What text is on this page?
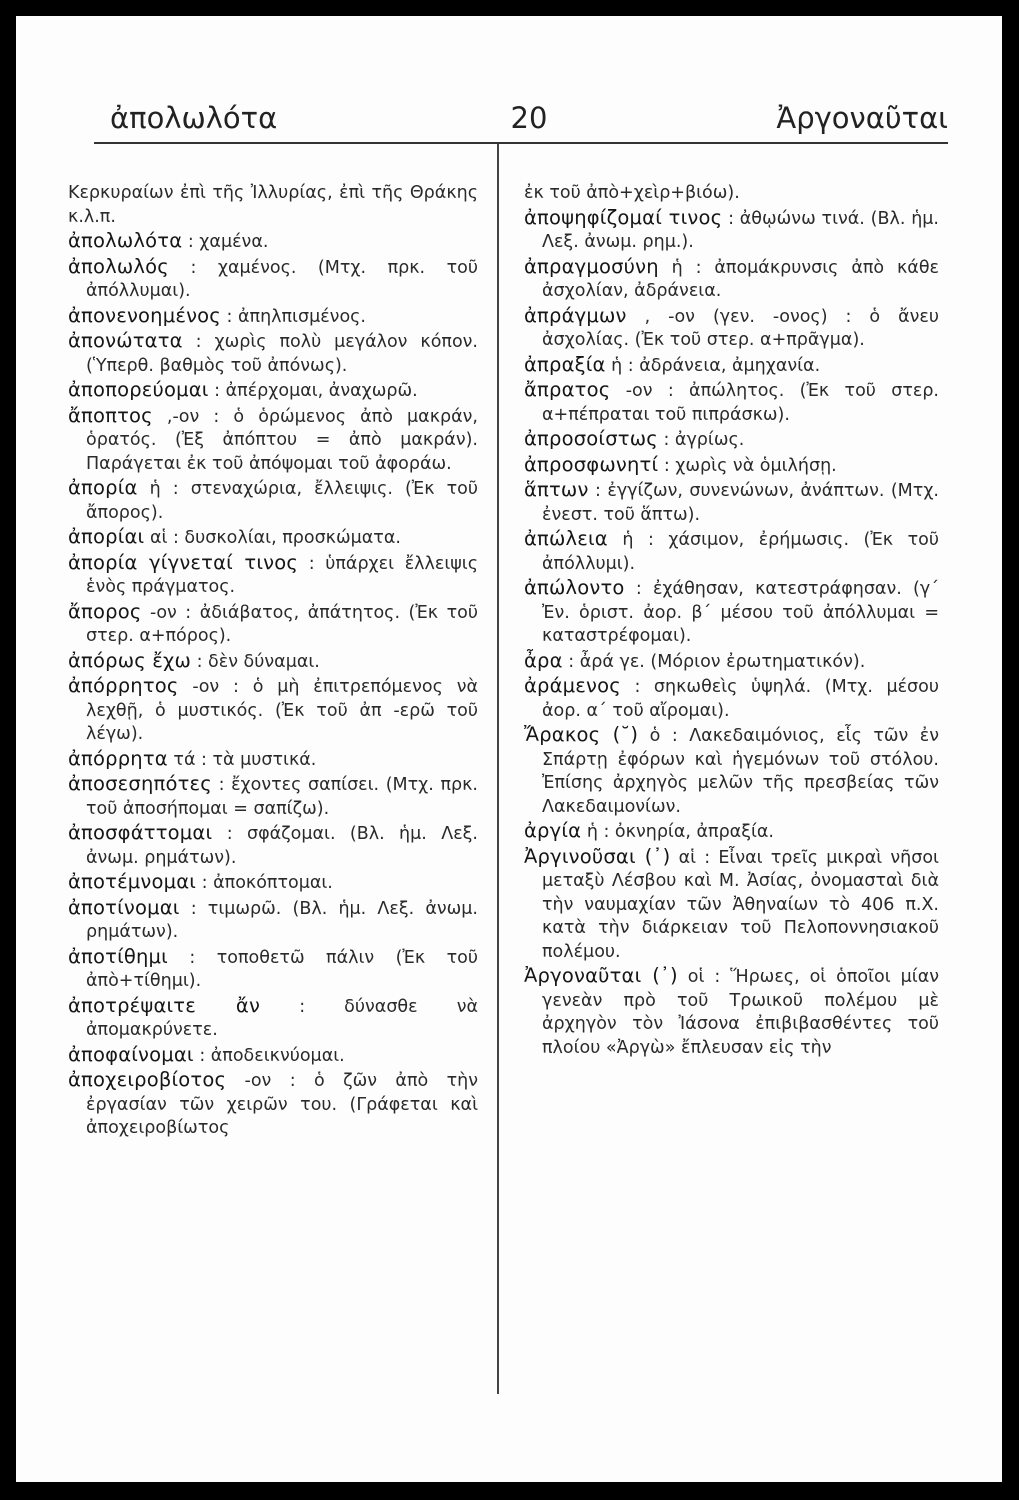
ἀπολωλότα	20	Ἀργοναῦται

Κερκυραίων ἐπὶ τῆς Ἰλλυρίας, ἐπὶ τῆς Θράκης κ.λ.π.

ἀπολωλότα : χαμένα.

ἀπολωλός : χαμένος. (Μτχ. πρκ. τοῦ ἀπόλλυμαι).

ἀπονενοημένος : ἀπηλπισμένος.

ἀπονώτατα : χωρὶς πολὺ μεγάλον κόπον. (Ὑπερθ. βαθμὸς τοῦ ἀπόνως).

ἀποπορεύομαι : ἀπέρχομαι, ἀναχωρῶ.

ἄποπτος ,-ον : ὁ ὁρώμενος ἀπὸ μακράν, ὁρατός. (Ἐξ ἀπόπτου = ἀπὸ μακράν). Παράγεται ἐκ τοῦ ἀπόψομαι τοῦ ἀφοράω.

ἀπορία ἡ : στεναχώρια, ἔλλειψις. (Ἐκ τοῦ ἄπορος).

ἀπορίαι αἱ : δυσκολίαι, προσκώματα.

ἀπορία γίγνεταί τινος : ὑπάρχει ἔλλειψις ἑνὸς πράγματος.

ἄπορος -ον : ἀδιάβατος, ἀπάτητος. (Ἐκ τοῦ στερ. α+πόρος).

ἀπόρως ἔχω : δὲν δύναμαι.

ἀπόρρητος -ον : ὁ μὴ ἐπιτρεπόμενος νὰ λεχθῇ, ὁ μυστικός. (Ἐκ τοῦ ἀπ -ερῶ τοῦ λέγω).

ἀπόρρητα τά : τὰ μυστικά.

ἀποσεσηπότες : ἔχοντες σαπίσει. (Μτχ. πρκ. τοῦ ἀποσήπομαι = σαπίζω).

ἀποσφάττομαι : σφάζομαι. (Βλ. ἡμ. Λεξ. ἀνωμ. ρημάτων).

ἀποτέμνομαι : ἀποκόπτομαι.

ἀποτίνομαι : τιμωρῶ. (Βλ. ἡμ. Λεξ. ἀνωμ. ρημάτων).

ἀποτίθημι : τοποθετῶ πάλιν (Ἐκ τοῦ ἀπὸ+τίθημι).

ἀποτρέψαιτε ἄν : δύνασθε νὰ ἀπομακρύνετε.

ἀποφαίνομαι : ἀποδεικνύομαι.

ἀποχειροβίοτος -ον : ὁ ζῶν ἀπὸ τὴν ἐργασίαν τῶν χειρῶν του. (Γράφεται καὶ ἀποχειροβίωτος

ἐκ τοῦ ἀπὸ+χεὶρ+βιόω).

ἀποψηφίζομαί τινος : ἀθῳώνω τινά. (Βλ. ἡμ. Λεξ. ἀνωμ. ρημ.).

ἀπραγμοσύνη ἡ : ἀπομάκρυνσις ἀπὸ κάθε ἀσχολίαν, ἀδράνεια.

ἀπράγμων , -ον (γεν. -ονος) : ὁ ἄνευ ἀσχολίας. (Ἐκ τοῦ στερ. α+πρᾶγμα).

ἀπραξία ἡ : ἀδράνεια, ἀμηχανία.

ἄπρατος -ον : ἀπώλητος. (Ἐκ τοῦ στερ. α+πέπραται τοῦ πιπράσκω).

ἀπροσοίστως : ἀγρίως.

ἀπροσφωνητί : χωρὶς νὰ ὁμιλήσῃ.

ἅπτων : ἐγγίζων, συνενώνων, ἀνάπτων. (Μτχ. ἐνεστ. τοῦ ἅπτω).

ἀπώλεια ἡ : χάσιμον, ἐρήμωσις. (Ἐκ τοῦ ἀπόλλυμι).

ἀπώλοντο : ἐχάθησαν, κατεστράφησαν. (γ΄ Ἐν. ὁριστ. ἀορ. β΄ μέσου τοῦ ἀπόλλυμαι = καταστρέφομαι).

ἆρα : ἆρά γε. (Μόριον ἐρωτηματικόν).

ἀράμενος : σηκωθεὶς ὑψηλά. (Μτχ. μέσου ἀορ. α΄ τοῦ αἴρομαι).

Ἄρακος (˘) ὁ : Λακεδαιμόνιος, εἷς τῶν ἐν Σπάρτῃ ἐφόρων καὶ ἡγεμόνων τοῦ στόλου. Ἐπίσης ἀρχηγὸς μελῶν τῆς πρεσβείας τῶν Λακεδαιμονίων.

ἀργία ἡ : ὀκνηρία, ἀπραξία.

Ἀργινοῦσαι (᾿) αἱ : Εἶναι τρεῖς μικραὶ νῆσοι μεταξὺ Λέσβου καὶ Μ. Ἀσίας, ὀνομασταὶ διὰ τὴν ναυμαχίαν τῶν Ἀθηναίων τὸ 406 π.Χ. κατὰ τὴν διάρκειαν τοῦ Πελοποννησιακοῦ πολέμου.

Ἀργοναῦται (᾿) οἱ : Ἥρωες, οἱ ὁποῖοι μίαν γενεὰν πρὸ τοῦ Τρωικοῦ πολέμου μὲ ἀρχηγὸν τὸν Ἰάσονα ἐπιβιβασθέντες τοῦ πλοίου «Ἀργὼ» ἔπλευσαν εἰς τὴν
